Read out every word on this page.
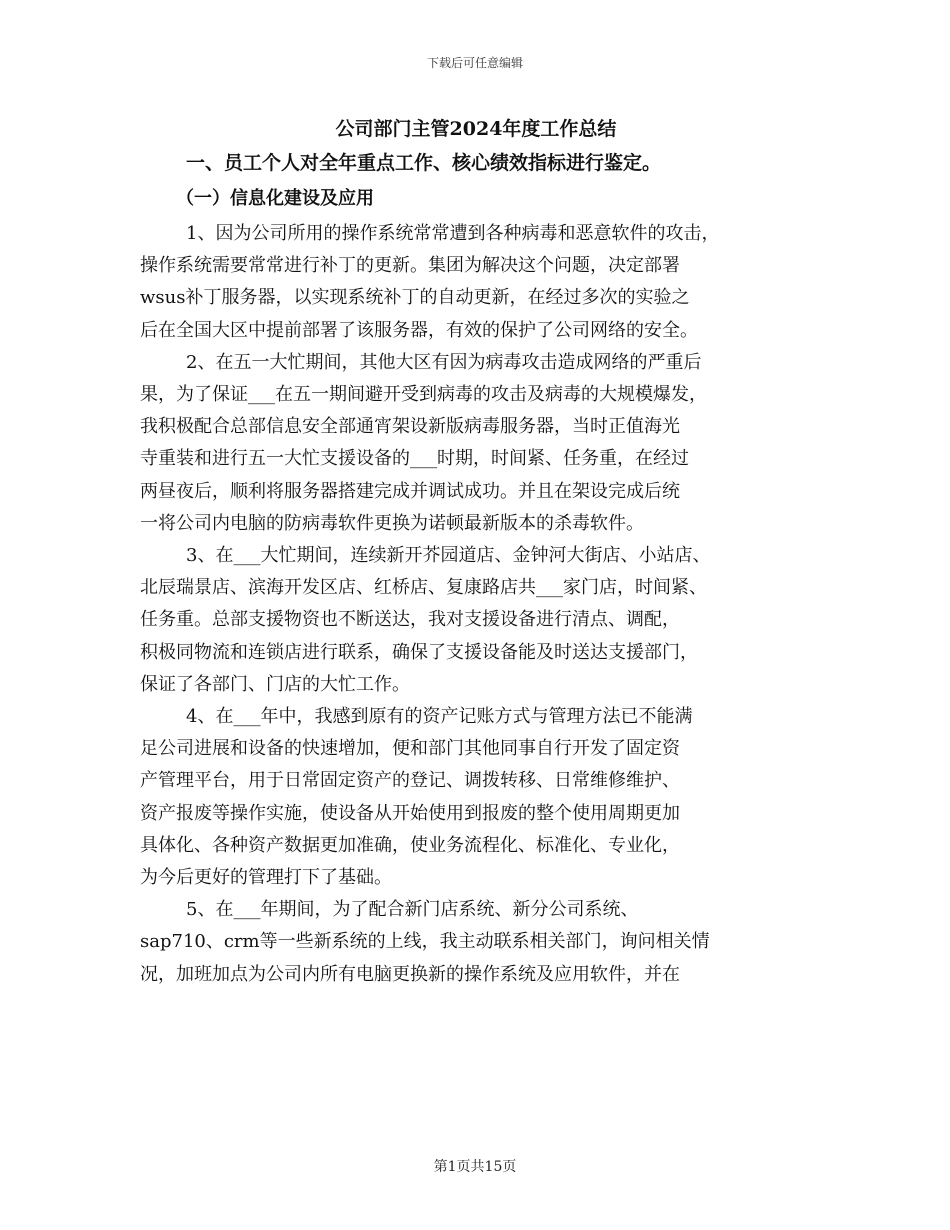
下载后可任意编辑
公司部门主管2024年度工作总结
一、员工个人对全年重点工作、核心绩效指标进行鉴定。
（一）信息化建设及应用

1、因为公司所用的操作系统常常遭到各种病毒和恶意软件的攻击，

操作系统需要常常进行补丁的更新。集团为解决这个问题，决定部署

wsus补丁服务器，以实现系统补丁的自动更新，在经过多次的实验之

后在全国大区中提前部署了该服务器，有效的保护了公司网络的安全。

2、在五一大忙期间，其他大区有因为病毒攻击造成网络的严重后

果，为了保证___在五一期间避开受到病毒的攻击及病毒的大规模爆发，

我积极配合总部信息安全部通宵架设新版病毒服务器，当时正值海光

寺重装和进行五一大忙支援设备的___时期，时间紧、任务重，在经过

两昼夜后，顺利将服务器搭建完成并调试成功。并且在架设完成后统

一将公司内电脑的防病毒软件更换为诺顿最新版本的杀毒软件。

3、在___大忙期间，连续新开芥园道店、金钟河大街店、小站店、

北辰瑞景店、滨海开发区店、红桥店、复康路店共___家门店，时间紧、

任务重。总部支援物资也不断送达，我对支援设备进行清点、调配，

积极同物流和连锁店进行联系，确保了支援设备能及时送达支援部门，

保证了各部门、门店的大忙工作。

4、在___年中，我感到原有的资产记账方式与管理方法已不能满

足公司进展和设备的快速增加，便和部门其他同事自行开发了固定资

产管理平台，用于日常固定资产的登记、调拨转移、日常维修维护、

资产报废等操作实施，使设备从开始使用到报废的整个使用周期更加

具体化、各种资产数据更加准确，使业务流程化、标准化、专业化，

为今后更好的管理打下了基础。

5、在___年期间，为了配合新门店系统、新分公司系统、

sap710、crm等一些新系统的上线，我主动联系相关部门，询问相关情

况，加班加点为公司内所有电脑更换新的操作系统及应用软件，并在

第1页共15页
